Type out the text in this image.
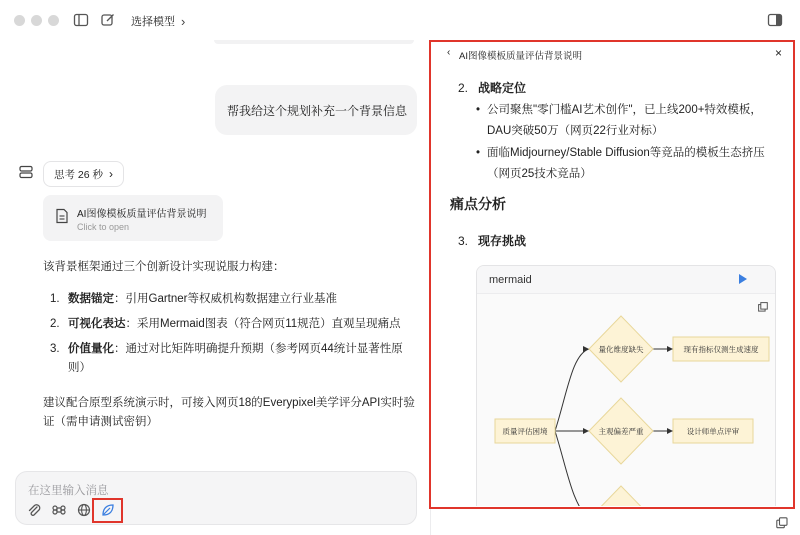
选择模型 ›
帮我给这个规划补充一个背景信息
思考 26 秒 ›
AI图像模板质量评估背景说明
Click to open
该背景框架通过三个创新设计实现说服力构建：
1. 数据锚定：引用Gartner等权威机构数据建立行业基准
2. 可视化表达：采用Mermaid图表（符合网页11规范）直观呈现痛点
3. 价值量化：通过对比矩阵明确提升预期（参考网页44统计显著性原则）
建议配合原型系统演示时，可接入网页18的Everypixel美学评分API实时验证（需申请测试密钥）
在这里输入消息
‹ AI图像模板质量评估背景说明	×
2. 战略定位
• 公司聚焦"零门槛AI艺术创作"，已上线200+特效模板，DAU突破50万（网页22行业对标）
• 面临Midjourney/Stable Diffusion等竞品的模板生态挤压（网页25技术竞品）
痛点分析
3. 现存挑战
mermaid
质量评估困境
量化维度缺失
主观偏差严重
现有指标仅测生成速度
设计师单点评审
